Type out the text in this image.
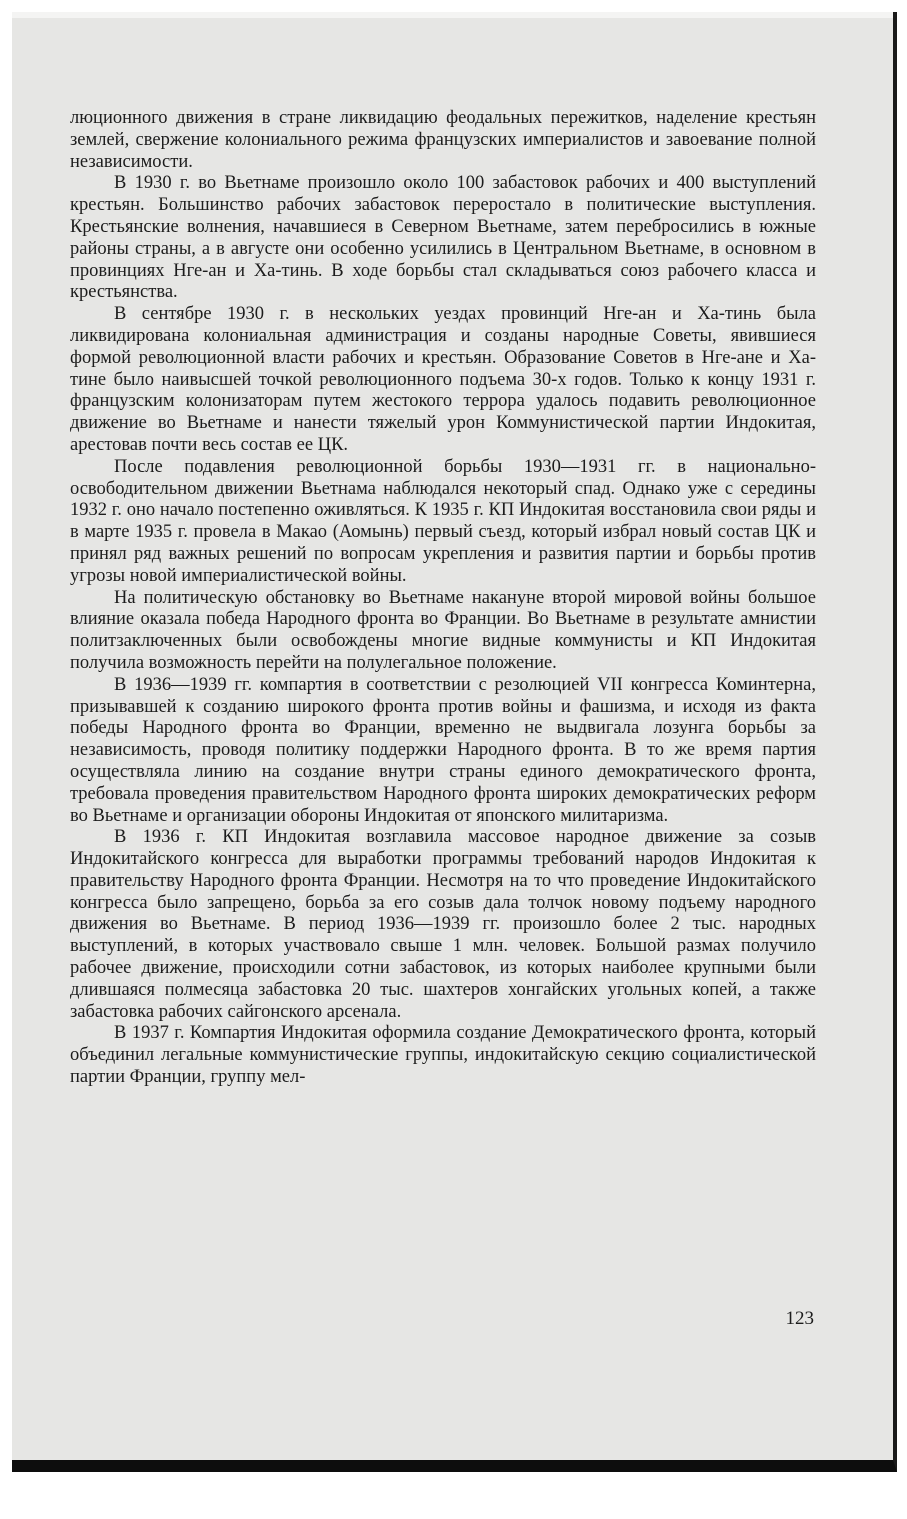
люционного движения в стране ликвидацию феодальных пережитков, наделение крестьян землей, свержение колониального режима французских империалистов и завоевание полной независимости.

В 1930 г. во Вьетнаме произошло около 100 забастовок рабочих и 400 выступлений крестьян. Большинство рабочих забастовок переростало в политические выступления. Крестьянские волнения, начавшиеся в Северном Вьетнаме, затем перебросились в южные районы страны, а в августе они особенно усилились в Центральном Вьетнаме, в основном в провинциях Нге-ан и Ха-тинь. В ходе борьбы стал складываться союз рабочего класса и крестьянства.

В сентябре 1930 г. в нескольких уездах провинций Нге-ан и Ха-тинь была ликвидирована колониальная администрация и созданы народные Советы, явившиеся формой революционной власти рабочих и крестьян. Образование Советов в Нге-ане и Ха-тине было наивысшей точкой революционного подъема 30-х годов. Только к концу 1931 г. французским колонизаторам путем жестокого террора удалось подавить революционное движение во Вьетнаме и нанести тяжелый урон Коммунистической партии Индокитая, арестовав почти весь состав ее ЦК.

После подавления революционной борьбы 1930—1931 гг. в национально-освободительном движении Вьетнама наблюдался некоторый спад. Однако уже с середины 1932 г. оно начало постепенно оживляться. К 1935 г. КП Индокитая восстановила свои ряды и в марте 1935 г. провела в Макао (Аомынь) первый съезд, который избрал новый состав ЦК и принял ряд важных решений по вопросам укрепления и развития партии и борьбы против угрозы новой империалистической войны.

На политическую обстановку во Вьетнаме накануне второй мировой войны большое влияние оказала победа Народного фронта во Франции. Во Вьетнаме в результате амнистии политзаключенных были освобождены многие видные коммунисты и КП Индокитая получила возможность перейти на полулегальное положение.

В 1936—1939 гг. компартия в соответствии с резолюцией VII конгресса Коминтерна, призывавшей к созданию широкого фронта против войны и фашизма, и исходя из факта победы Народного фронта во Франции, временно не выдвигала лозунга борьбы за независимость, проводя политику поддержки Народного фронта. В то же время партия осуществляла линию на создание внутри страны единого демократического фронта, требовала проведения правительством Народного фронта широких демократических реформ во Вьетнаме и организации обороны Индокитая от японского милитаризма.

В 1936 г. КП Индокитая возглавила массовое народное движение за созыв Индокитайского конгресса для выработки программы требований народов Индокитая к правительству Народного фронта Франции. Несмотря на то что проведение Индокитайского конгресса было запрещено, борьба за его созыв дала толчок новому подъему народного движения во Вьетнаме. В период 1936—1939 гг. произошло более 2 тыс. народных выступлений, в которых участвовало свыше 1 млн. человек. Большой размах получило рабочее движение, происходили сотни забастовок, из которых наиболее крупными были длившаяся полмесяца забастовка 20 тыс. шахтеров хонгайских угольных копей, а также забастовка рабочих сайгонского арсенала.

В 1937 г. Компартия Индокитая оформила создание Демократического фронта, который объединил легальные коммунистические группы, индокитайскую секцию социалистической партии Франции, группу мел-

123
